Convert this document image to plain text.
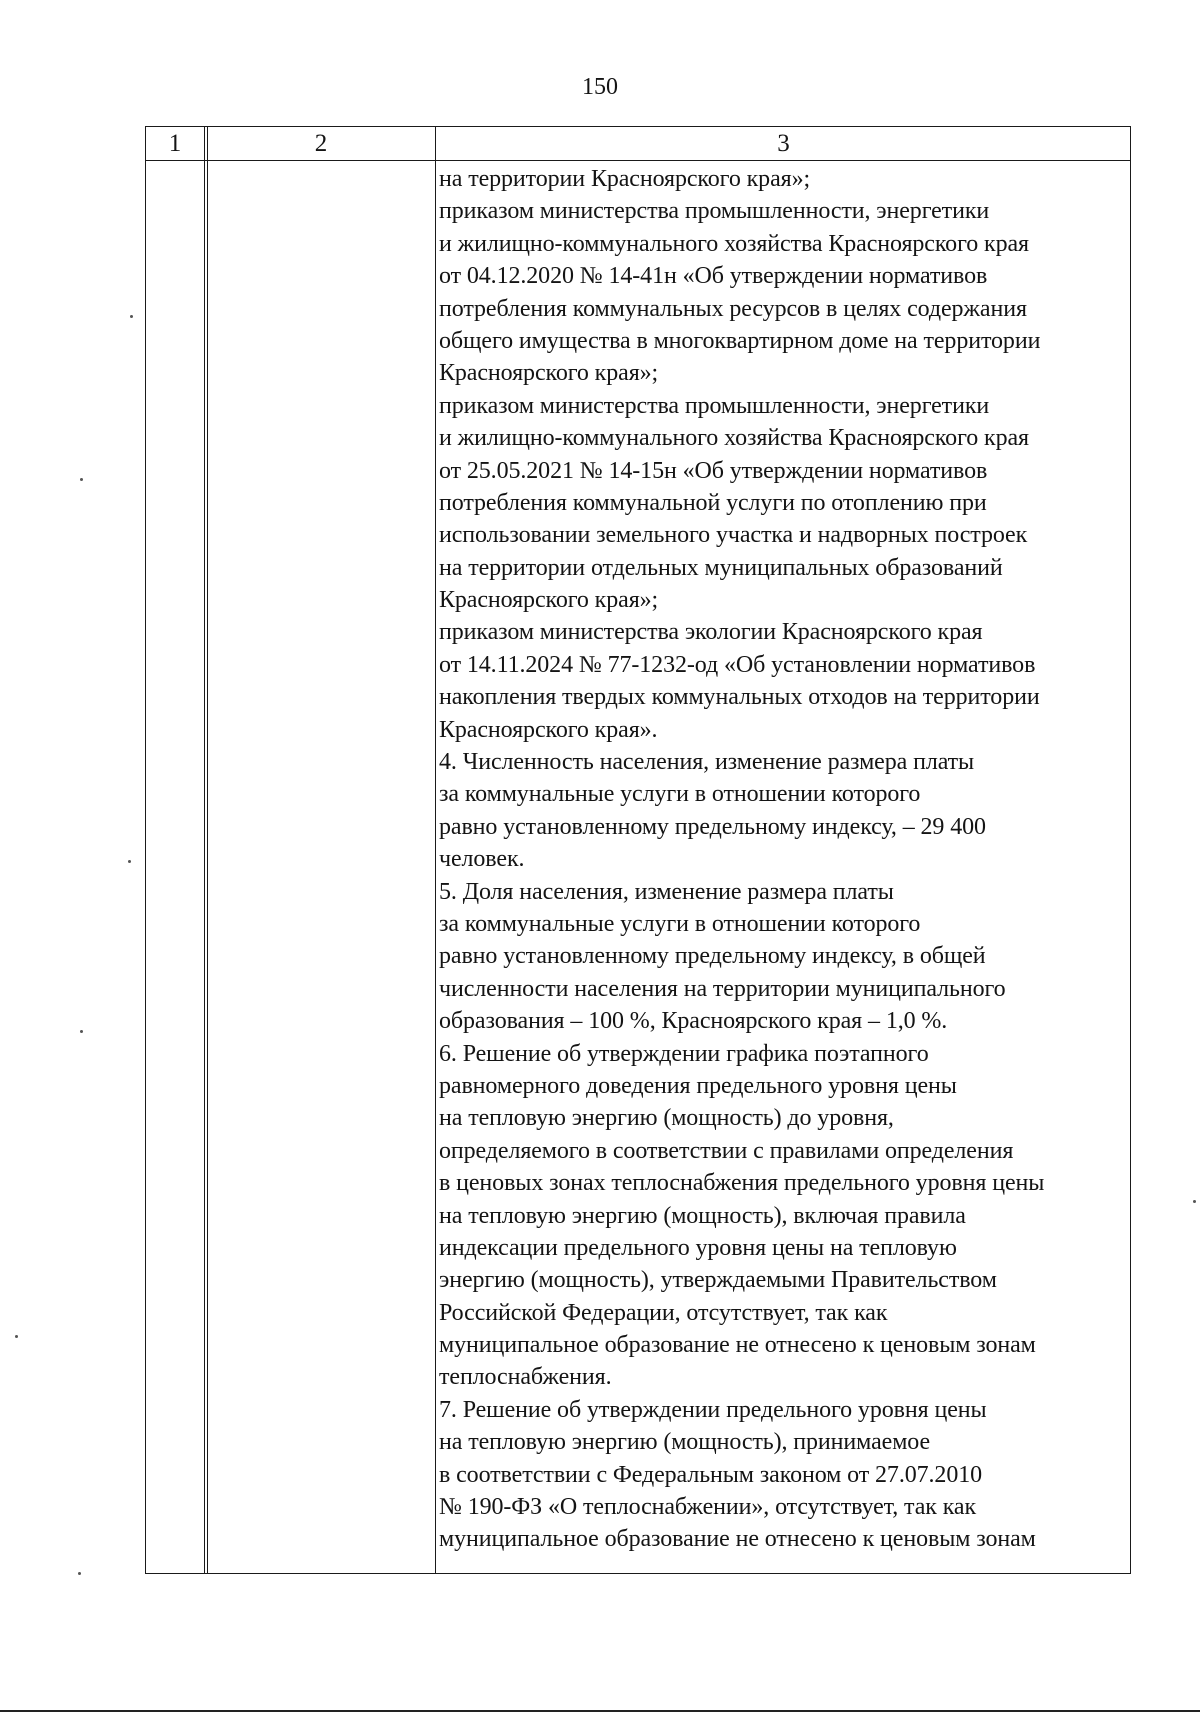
150
1	2	3
на территории Красноярского края»;
приказом министерства промышленности, энергетики
и жилищно-коммунального хозяйства Красноярского края
от 04.12.2020 № 14-41н «Об утверждении нормативов
потребления коммунальных ресурсов в целях содержания
общего имущества в многоквартирном доме на территории
Красноярского края»;
приказом министерства промышленности, энергетики
и жилищно-коммунального хозяйства Красноярского края
от 25.05.2021 № 14-15н «Об утверждении нормативов
потребления коммунальной услуги по отоплению при
использовании земельного участка и надворных построек
на территории отдельных муниципальных образований
Красноярского края»;
приказом министерства экологии Красноярского края
от 14.11.2024 № 77-1232-од «Об установлении нормативов
накопления твердых коммунальных отходов на территории
Красноярского края».
4. Численность населения, изменение размера платы
за коммунальные услуги в отношении которого
равно установленному предельному индексу, – 29 400
человек.
5. Доля населения, изменение размера платы
за коммунальные услуги в отношении которого
равно установленному предельному индексу, в общей
численности населения на территории муниципального
образования – 100 %, Красноярского края – 1,0 %.
6. Решение об утверждении графика поэтапного
равномерного доведения предельного уровня цены
на тепловую энергию (мощность) до уровня,
определяемого в соответствии с правилами определения
в ценовых зонах теплоснабжения предельного уровня цены
на тепловую энергию (мощность), включая правила
индексации предельного уровня цены на тепловую
энергию (мощность), утверждаемыми Правительством
Российской Федерации, отсутствует, так как
муниципальное образование не отнесено к ценовым зонам
теплоснабжения.
7. Решение об утверждении предельного уровня цены
на тепловую энергию (мощность), принимаемое
в соответствии с Федеральным законом от 27.07.2010
№ 190-ФЗ «О теплоснабжении», отсутствует, так как
муниципальное образование не отнесено к ценовым зонам
